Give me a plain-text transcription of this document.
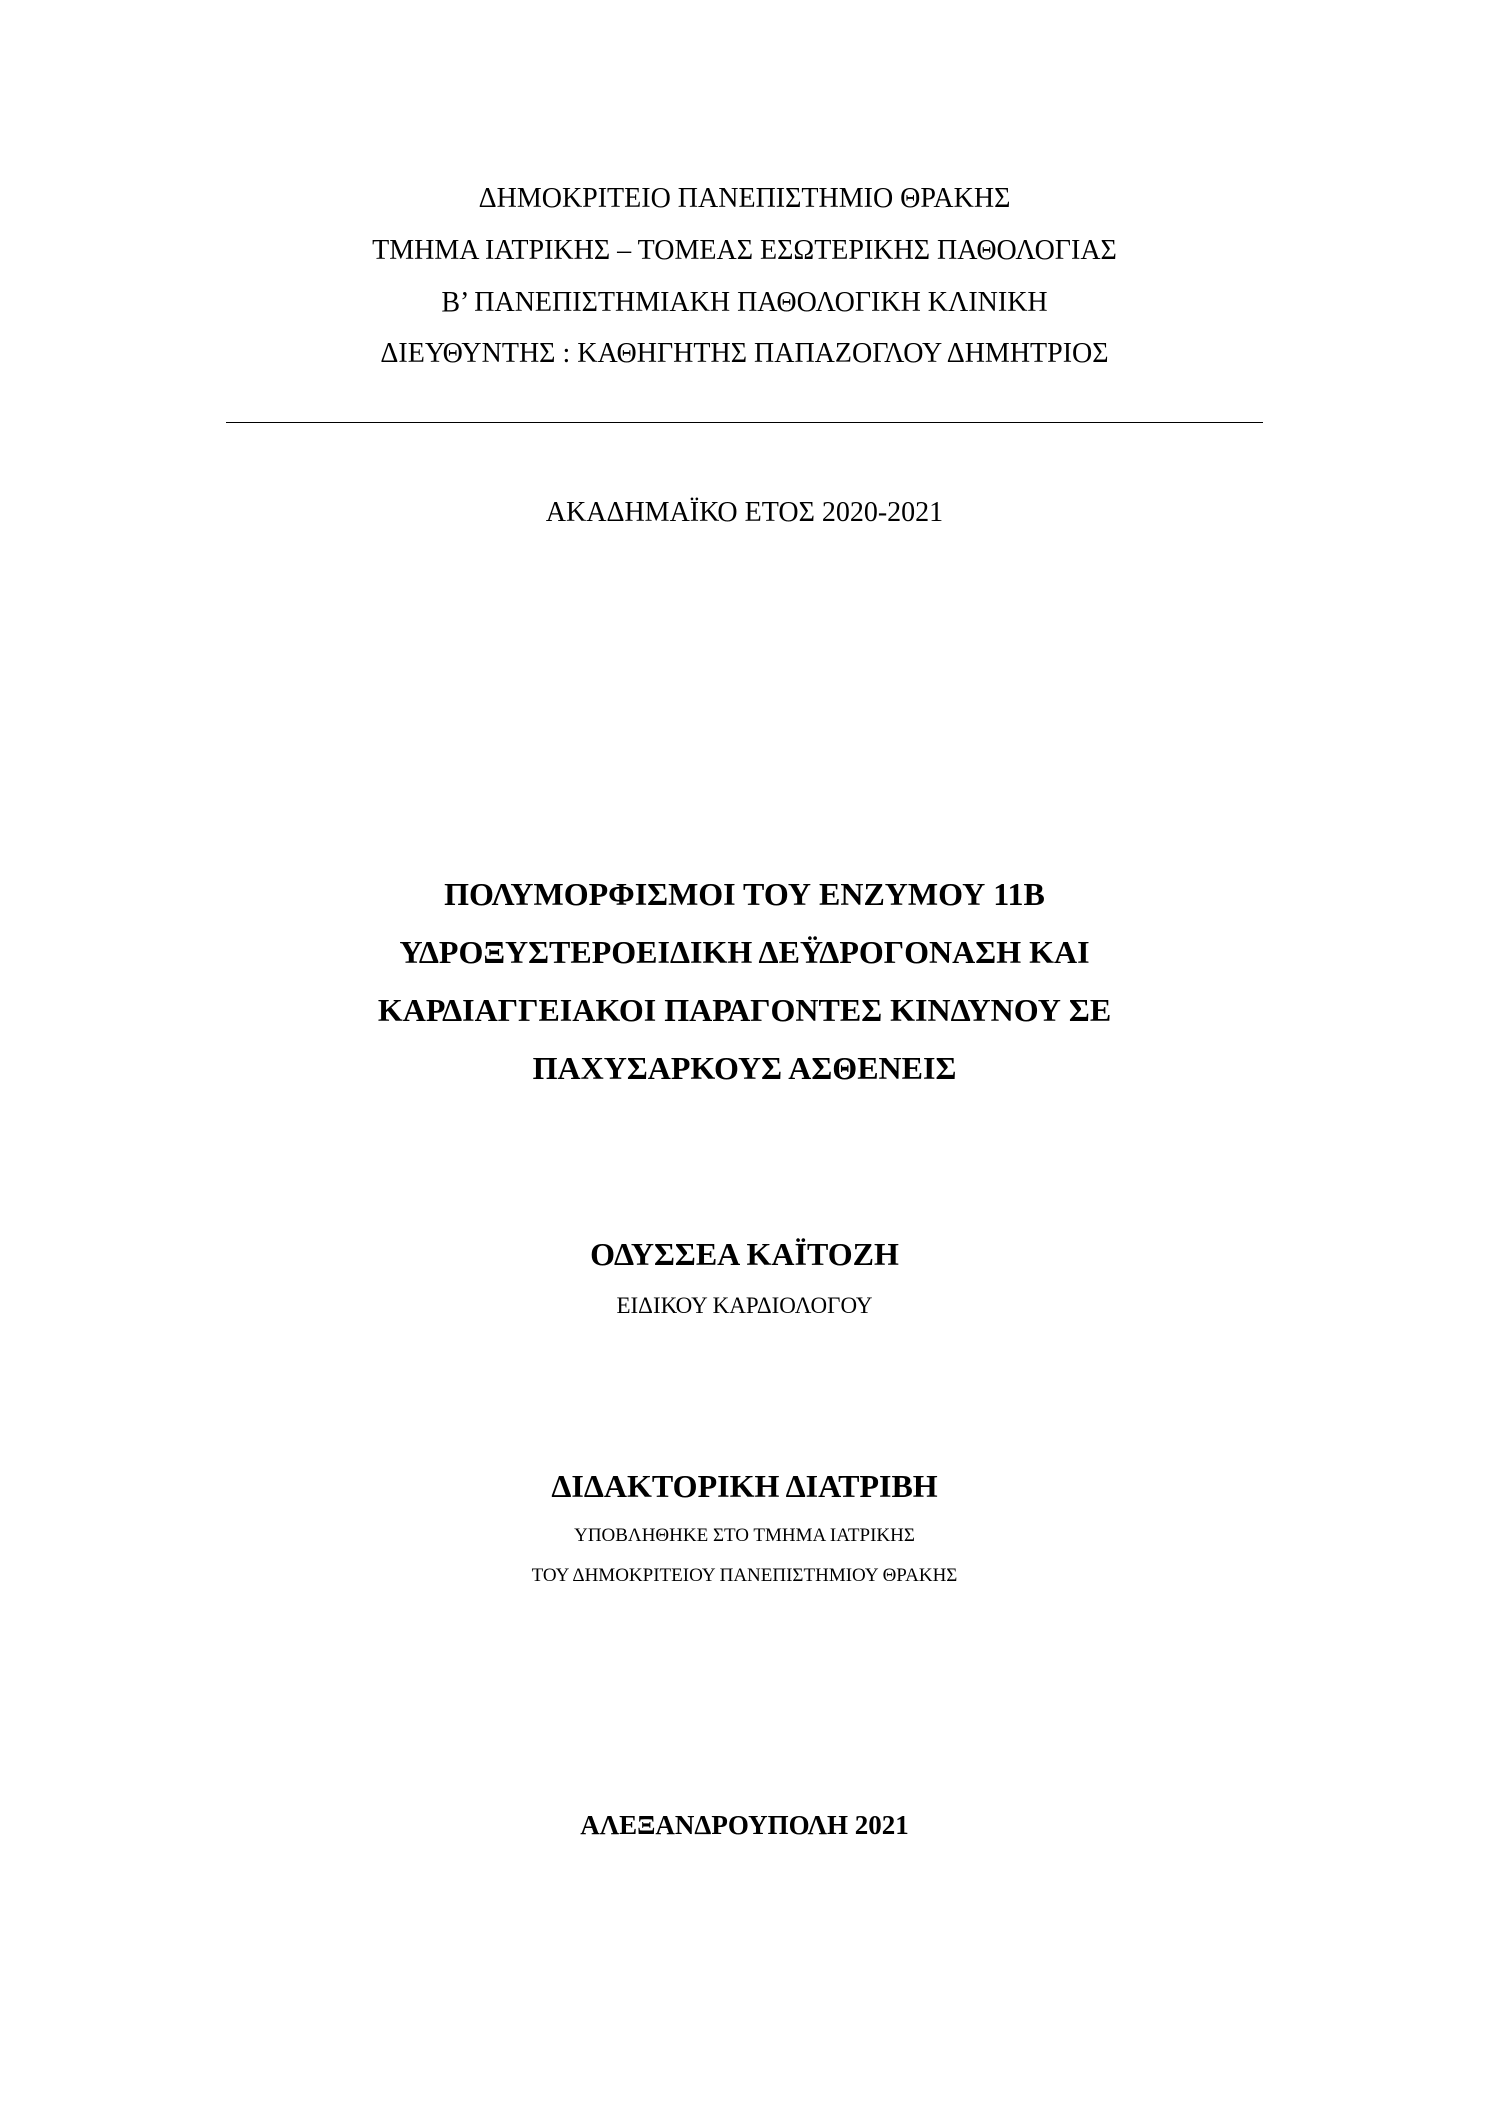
ΔΗΜΟΚΡΙΤΕΙΟ ΠΑΝΕΠΙΣΤΗΜΙΟ ΘΡΑΚΗΣ
ΤΜΗΜΑ ΙΑΤΡΙΚΗΣ – ΤΟΜΕΑΣ ΕΣΩΤΕΡΙΚΗΣ ΠΑΘΟΛΟΓΙΑΣ
Β’ ΠΑΝΕΠΙΣΤΗΜΙΑΚΗ ΠΑΘΟΛΟΓΙΚΗ ΚΛΙΝΙΚΗ
ΔΙΕΥΘΥΝΤΗΣ : ΚΑΘΗΓΗΤΗΣ ΠΑΠΑΖΟΓΛΟΥ ΔΗΜΗΤΡΙΟΣ
ΑΚΑΔΗΜΑΪΚΟ ΕΤΟΣ 2020-2021
ΠΟΛΥΜΟΡΦΙΣΜΟΙ ΤΟΥ ΕΝΖΥΜΟΥ 11Β
ΥΔΡΟΞΥΣΤΕΡΟΕΙΔΙΚΗ ΔΕΫΔΡΟΓΟΝΑΣΗ ΚΑΙ
ΚΑΡΔΙΑΓΓΕΙΑΚΟΙ ΠΑΡΑΓΟΝΤΕΣ ΚΙΝΔΥΝΟΥ ΣΕ
ΠΑΧΥΣΑΡΚΟΥΣ ΑΣΘΕΝΕΙΣ
ΟΔΥΣΣΕΑ ΚΑΪΤΟΖΗ
ΕΙΔΙΚΟΥ ΚΑΡΔΙΟΛΟΓΟΥ
ΔΙΔΑΚΤΟΡΙΚΗ ΔΙΑΤΡΙΒΗ
ΥΠΟΒΛΗΘΗΚΕ ΣΤΟ ΤΜΗΜΑ ΙΑΤΡΙΚΗΣ
ΤΟΥ ΔΗΜΟΚΡΙΤΕΙΟΥ ΠΑΝΕΠΙΣΤΗΜΙΟΥ ΘΡΑΚΗΣ
ΑΛΕΞΑΝΔΡΟΥΠΟΛΗ 2021
